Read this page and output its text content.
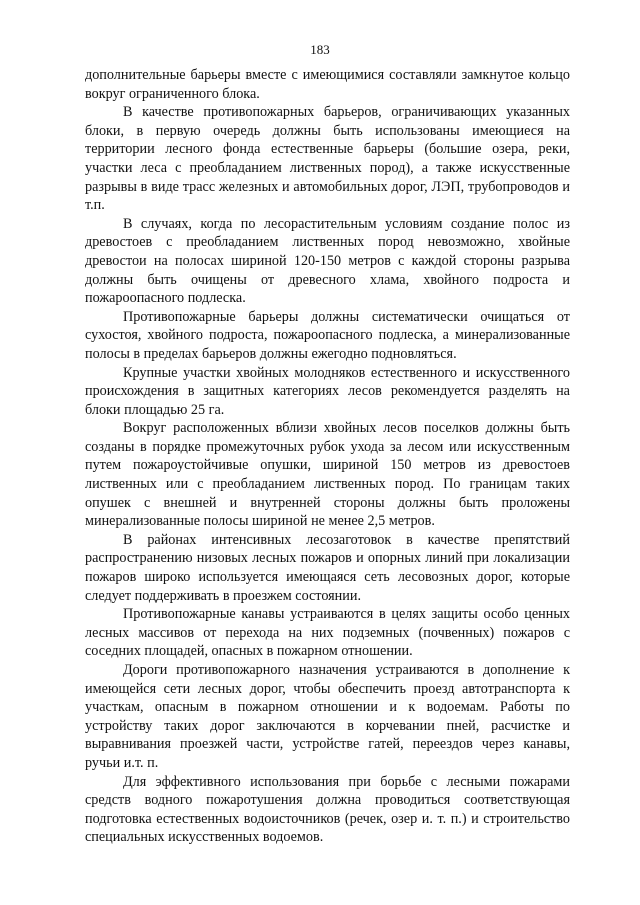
183

дополнительные барьеры вместе с имеющимися составляли замкнутое кольцо вокруг ограниченного блока.

В качестве противопожарных барьеров, ограничивающих указанных блоки, в первую очередь должны быть использованы имеющиеся на территории лесного фонда естественные барьеры (большие озера, реки, участки леса с преобладанием лиственных пород), а также искусственные разрывы в виде трасс железных и автомобильных дорог, ЛЭП, трубопроводов и т.п.

В случаях, когда по лесорастительным условиям создание полос из древостоев с преобладанием лиственных пород невозможно, хвойные древостои на полосах шириной 120-150 метров с каждой стороны разрыва должны быть очищены от древесного хлама, хвойного подроста и пожароопасного подлеска.

Противопожарные барьеры должны систематически очищаться от сухостоя, хвойного подроста, пожароопасного подлеска, а минерализованные полосы в пределах барьеров должны ежегодно подновляться.

Крупные участки хвойных молодняков естественного и искусственного происхождения в защитных категориях лесов рекомендуется разделять на блоки площадью 25 га.

Вокруг расположенных вблизи хвойных лесов поселков должны быть созданы в порядке промежуточных рубок ухода за лесом или искусственным путем пожароустойчивые опушки, шириной 150 метров из древостоев лиственных или с преобладанием лиственных пород. По границам таких опушек с внешней и внутренней стороны должны быть проложены минерализованные полосы шириной не менее 2,5 метров.

В районах интенсивных лесозаготовок в качестве препятствий распространению низовых лесных пожаров и опорных линий при локализации пожаров широко используется имеющаяся сеть лесовозных дорог, которые следует поддерживать в проезжем состоянии.

Противопожарные канавы устраиваются в целях защиты особо ценных лесных массивов от перехода на них подземных (почвенных) пожаров с соседних площадей, опасных в пожарном отношении.

Дороги противопожарного назначения устраиваются в дополнение к имеющейся сети лесных дорог, чтобы обеспечить проезд автотранспорта к участкам, опасным в пожарном отношении и к водоемам. Работы по устройству таких дорог заключаются в корчевании пней, расчистке и выравнивания проезжей части, устройстве гатей, переездов через канавы, ручьи и.т. п.

Для эффективного использования при борьбе с лесными пожарами средств водного пожаротушения должна проводиться соответствующая подготовка естественных водоисточников (речек, озер и. т. п.) и строительство специальных искусственных водоемов.
